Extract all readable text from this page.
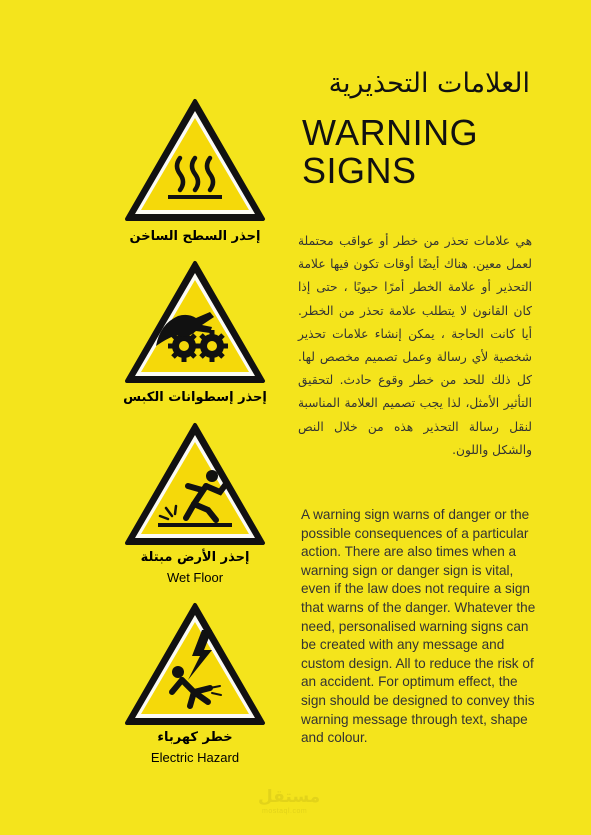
العلامات التحذيرية
WARNING
SIGNS
هي علامات تحذر من خطر أو عواقب محتملة لعمل معين. هناك أيضًا أوقات تكون فيها علامة التحذير أو علامة الخطر أمرًا حيويًا ، حتى إذا كان القانون لا يتطلب علامة تحذر من الخطر. أيا كانت الحاجة ، يمكن إنشاء علامات تحذير شخصية لأي رسالة وعمل تصميم مخصص لها. كل ذلك للحد من خطر وقوع حادث. لتحقيق التأثير الأمثل، لذا يجب تصميم العلامة المناسبة لنقل رسالة التحذير هذه من خلال النص والشكل واللون.
A warning sign warns of danger or the possible consequences of a particular action. There are also times when a warning sign or danger sign is vital, even if the law does not require a sign that warns of the danger. Whatever the need, personalised warning signs can be created with any message and custom design. All to reduce the risk of an accident. For optimum effect, the sign should be designed to convey this warning message through text, shape and colour.
إحذر السطح الساخن
إحذر إسطوانات الكبس
إحذر الأرض مبتلة
Wet Floor
خطر كهرباء
Electric Hazard
مستقل
mostaql.com
